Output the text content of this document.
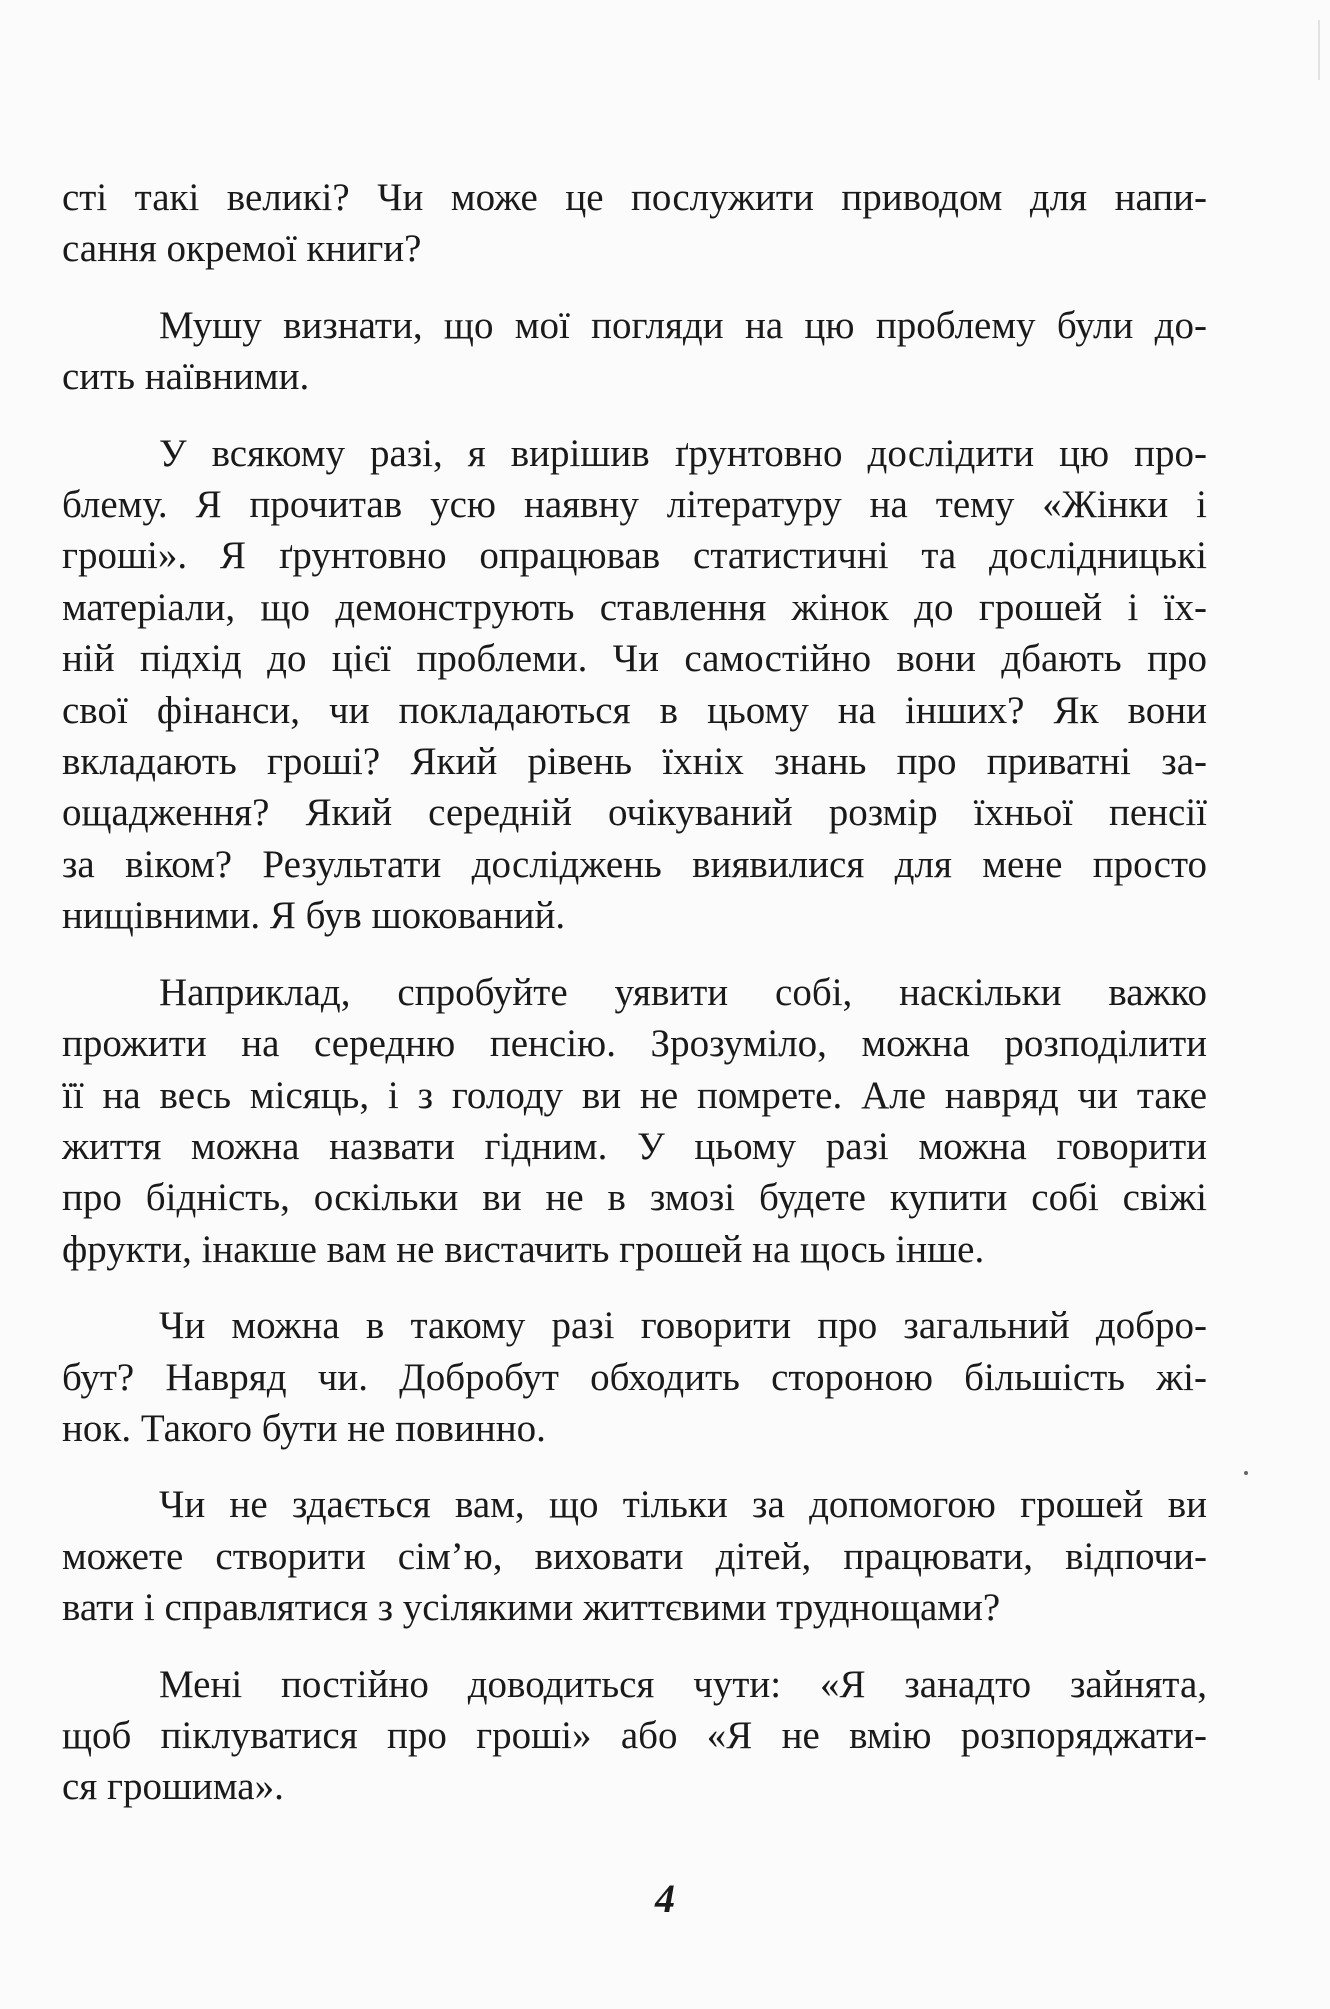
сті такі великі? Чи може це послужити приводом для напи-
сання окремої книги?

Мушу визнати, що мої погляди на цю проблему були до-
сить наївними.

У всякому разі, я вирішив ґрунтовно дослідити цю про-
блему. Я прочитав усю наявну літературу на тему «Жінки і
гроші». Я ґрунтовно опрацював статистичні та дослідницькі
матеріали, що демонструють ставлення жінок до грошей і їх-
ній підхід до цієї проблеми. Чи самостійно вони дбають про
свої фінанси, чи покладаються в цьому на інших? Як вони
вкладають гроші? Який рівень їхніх знань про приватні за-
ощадження? Який середній очікуваний розмір їхньої пенсії
за віком? Результати досліджень виявилися для мене просто
нищівними. Я був шокований.

Наприклад, спробуйте уявити собі, наскільки важко
прожити на середню пенсію. Зрозуміло, можна розподілити
її на весь місяць, і з голоду ви не помрете. Але навряд чи таке
життя можна назвати гідним. У цьому разі можна говорити
про бідність, оскільки ви не в змозі будете купити собі свіжі
фрукти, інакше вам не вистачить грошей на щось інше.

Чи можна в такому разі говорити про загальний добро-
бут? Навряд чи. Добробут обходить стороною більшість жі-
нок. Такого бути не повинно.

Чи не здається вам, що тільки за допомогою грошей ви
можете створити сім’ю, виховати дітей, працювати, відпочи-
вати і справлятися з усілякими життєвими труднощами?

Мені постійно доводиться чути: «Я занадто зайнята,
щоб піклуватися про гроші» або «Я не вмію розпоряджати-
ся грошима».

4
